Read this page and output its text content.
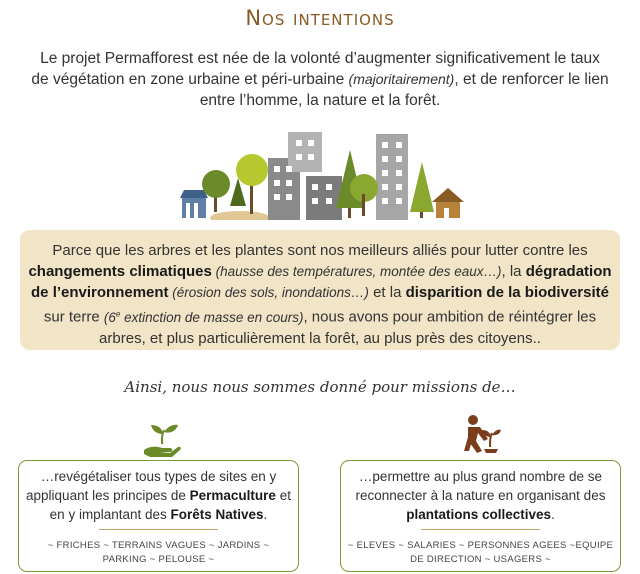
Nos intentions
Le projet Permafforest est née de la volonté d’augmenter significativement le taux de végétation en zone urbaine et péri-urbaine (majoritairement), et de renforcer le lien entre l’homme, la nature et la forêt.
Parce que les arbres et les plantes sont nos meilleurs alliés pour lutter contre les changements climatiques (hausse des températures, montée des eaux…), la dégradation de l’environnement (érosion des sols, inondations…) et la disparition de la biodiversité sur terre (6e extinction de masse en cours), nous avons pour ambition de réintégrer les arbres, et plus particulièrement la forêt, au plus près des citoyens..
Ainsi, nous nous sommes donné pour missions de…
…revégétaliser tous types de sites en y appliquant les principes de Permaculture et en y implantant des Forêts Natives.
~ FRICHES ~ TERRAINS VAGUES ~ JARDINS ~ PARKING ~ PELOUSE ~
…permettre au plus grand nombre de se reconnecter à la nature en organisant des plantations collectives.
~ ELEVES ~ SALARIES ~ PERSONNES AGEES ~EQUIPE DE DIRECTION ~ USAGERS ~
